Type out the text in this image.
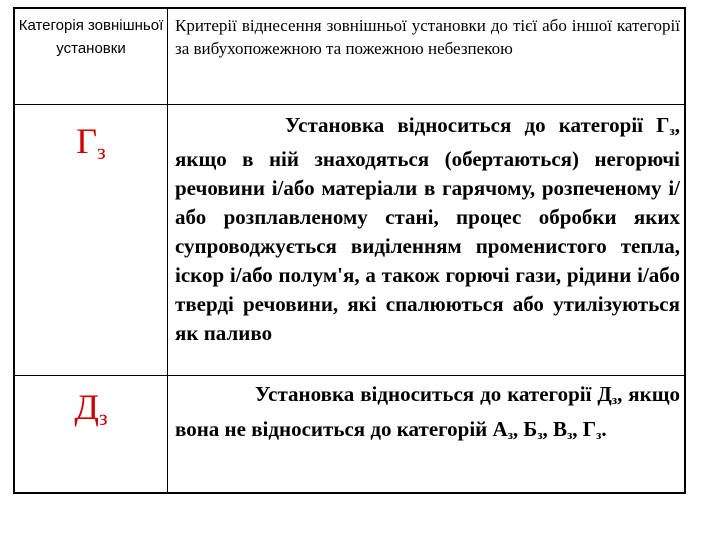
Категорія зовнішньої установки
Критерії віднесення зовнішньої установки до тієї або іншої категорії за вибухопожежною та пожежною небезпекою
$Г_з$
Установка відноситься до категорії $Г_з$, якщо в ній знаходяться (обертаються) негорючі речовини і/або матеріали в гарячому, розпеченому і/або розплавленому стані, процес обробки яких супроводжується виділенням променистого тепла, іскор і/або полум'я, а також горючі гази, рідини і/або тверді речовини, які спалюються або утилізуються як паливо
$Д_з$
Установка відноситься до категорії $Д_з$, якщо вона не відноситься до категорій $А_з$, $Б_з$, $В_з$, $Г_з$.
